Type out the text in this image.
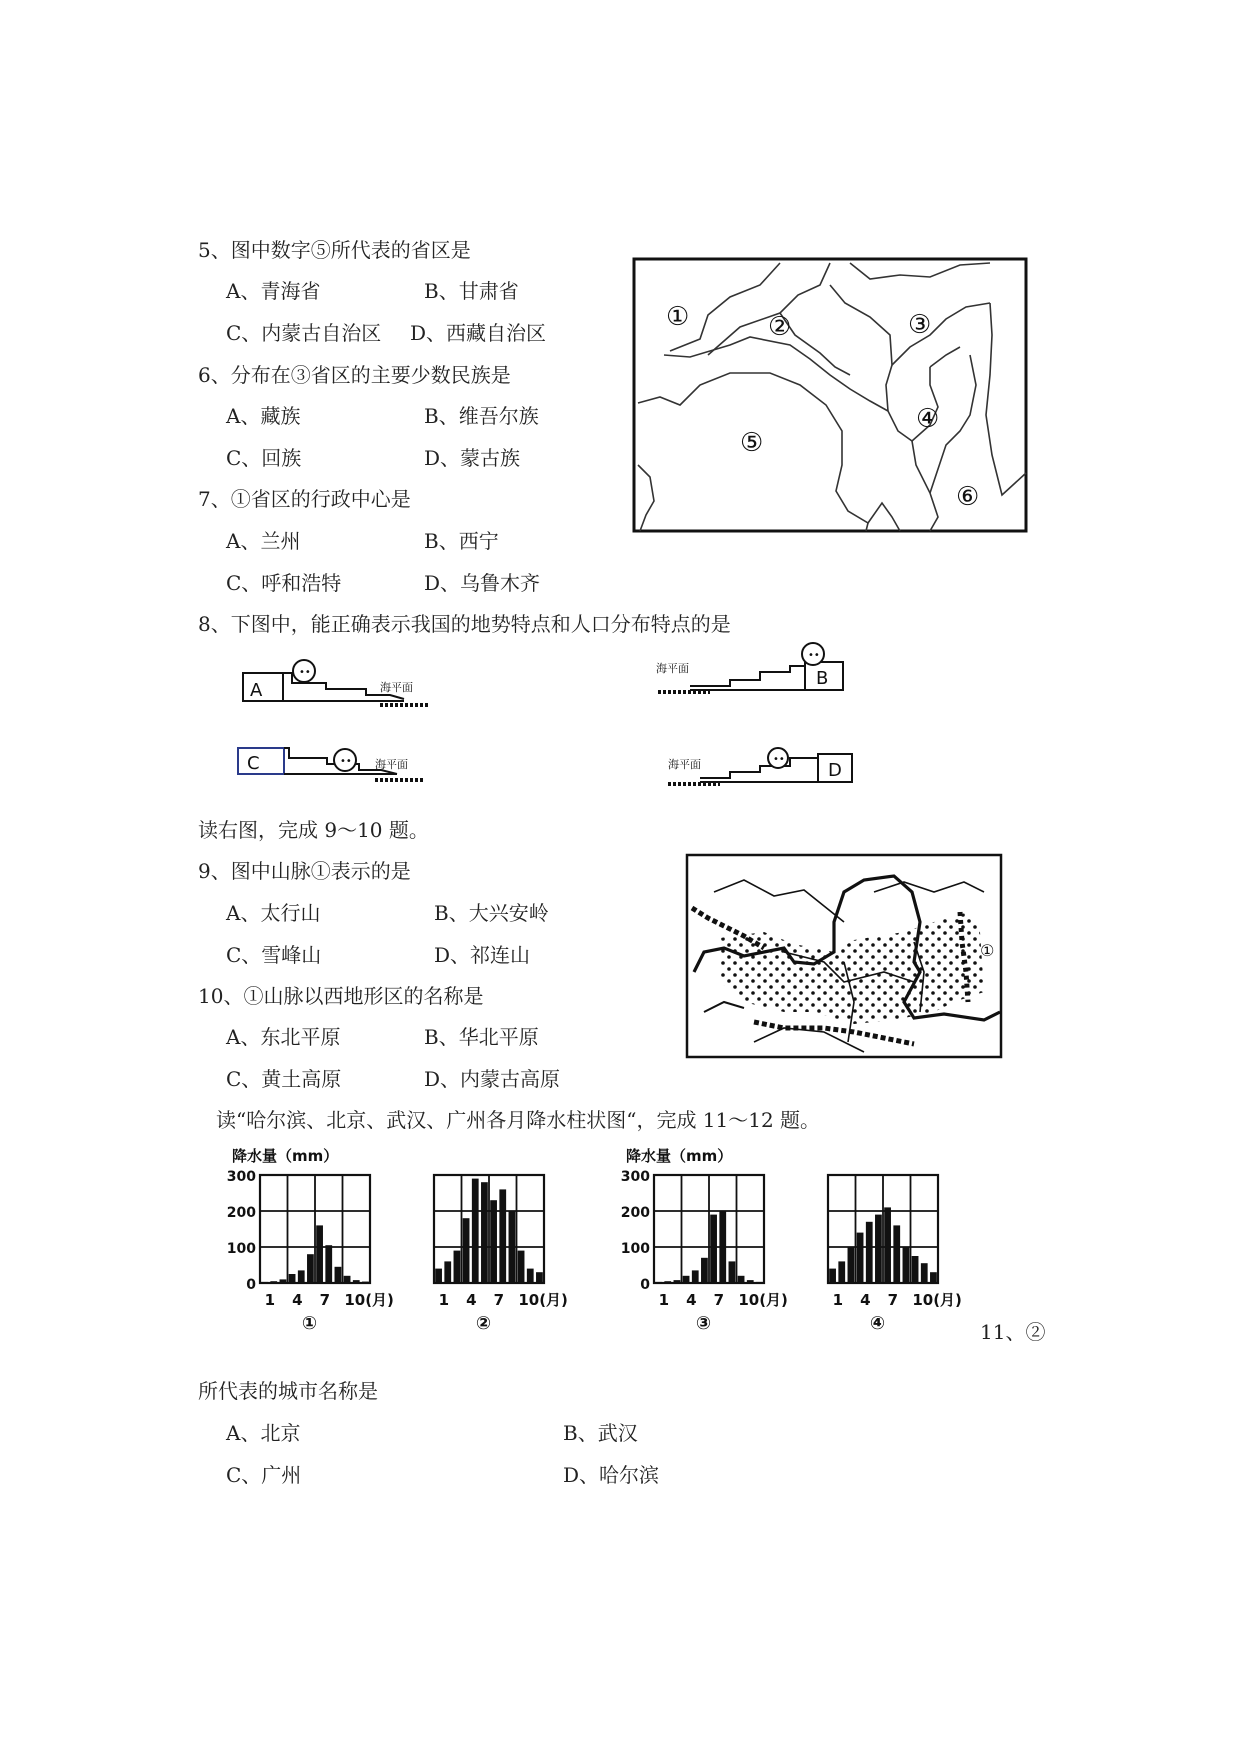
5、图中数字⑤所代表的省区是
A、青海省	B、甘肃省
C、内蒙古自治区 D、西藏自治区
6、分布在③省区的主要少数民族是
A、藏族	B、维吾尔族
C、回族	D、蒙古族
7、①省区的行政中心是
A、兰州	B、西宁
C、呼和浩特	D、乌鲁木齐
①	②	③
④
⑤
⑥
8、下图中，能正确表示我国的地势特点和人口分布特点的是
••
A	海平面
••
B
海平面
••
C	海平面	••
D
海平面
读右图，完成 9～10 题。
9、图中山脉①表示的是
A、太行山	B、大兴安岭
C、雪峰山	D、祁连山
10、①山脉以西地形区的名称是
A、东北平原	B、华北平原
C、黄土高原	D、内蒙古高原
①
读“哈尔滨、北京、武汉、广州各月降水柱状图“，完成 11～12 题。
降水量（mm）	降水量（mm）
300
200
100
0
1 4 7 10(月)
①
1 4 7 10(月)
②
300
200
100
0
1 4 7 10(月)
③
1 4 7 10(月)
④	11、②
所代表的城市名称是
A、北京	B、武汉
C、广州	D、哈尔滨
